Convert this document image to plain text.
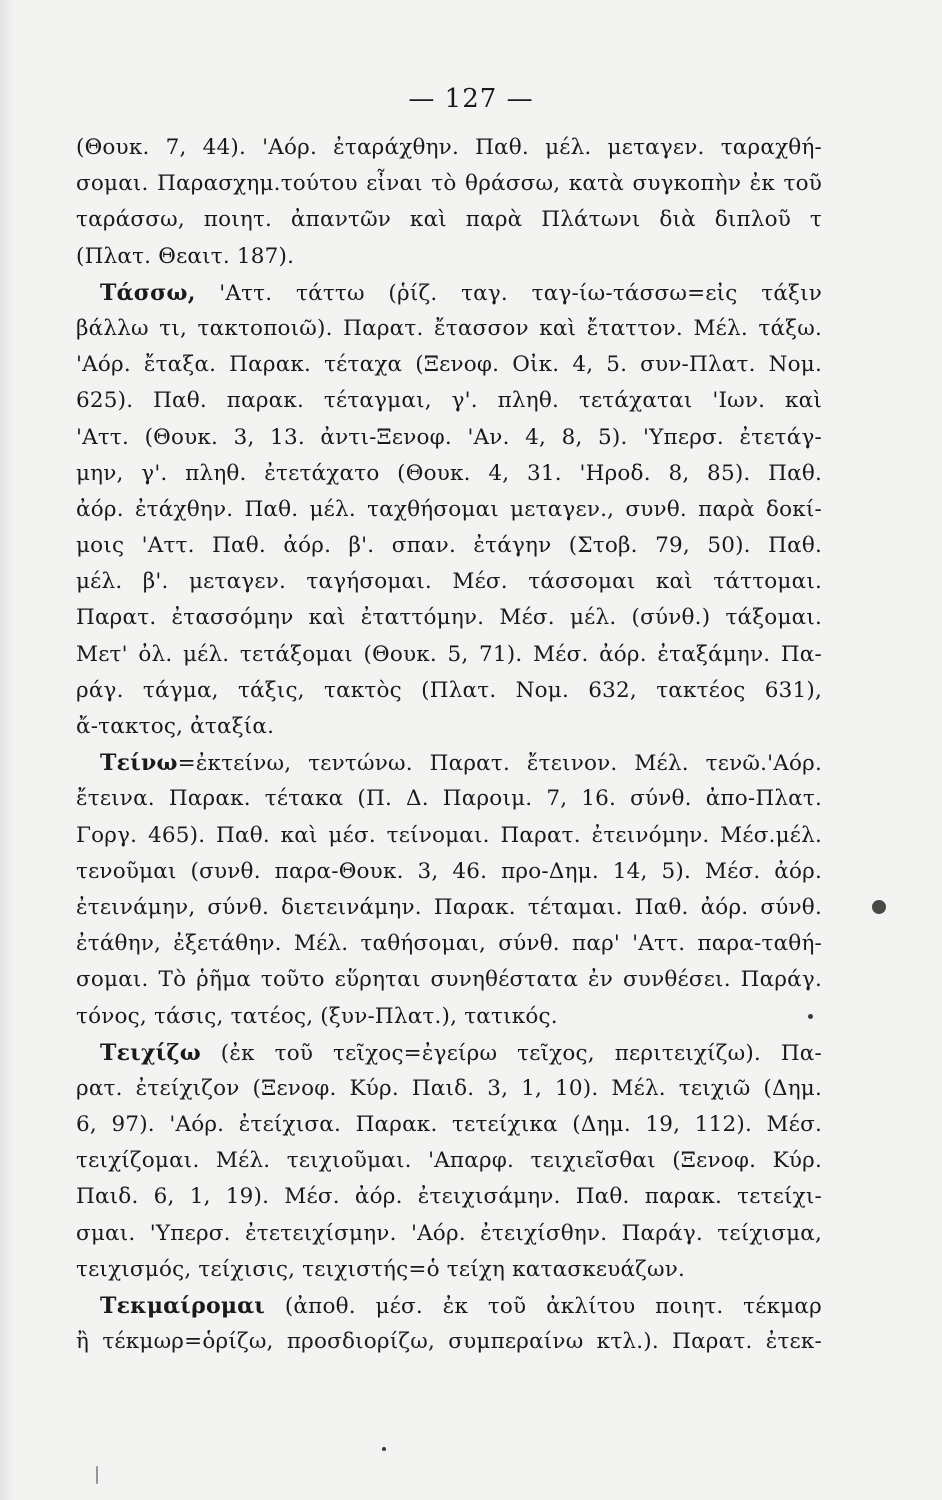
— 127 —
(Θουκ. 7, 44). 'Αόρ. ἐταράχθην. Παθ. μέλ. μεταγεν. ταραχθή-
σομαι. Παρασχημ.τούτου εἶναι τὸ θράσσω, κατὰ συγκοπὴν ἐκ τοῦ
ταράσσω, ποιητ. ἀπαντῶν καὶ παρὰ Πλάτωνι διὰ διπλοῦ τ
(Πλατ. Θεαιτ. 187).
Τάσσω, 'Αττ. τάττω (ῥίζ. ταγ. ταγ-ίω-τάσσω=εἰς τάξιν
βάλλω τι, τακτοποιῶ). Παρατ. ἔτασσον καὶ ἔταττον. Μέλ. τάξω.
'Αόρ. ἔταξα. Παρακ. τέταχα (Ξενοφ. Οἰκ. 4, 5. συν-Πλατ. Νομ.
625). Παθ. παρακ. τέταγμαι, γ'. πληθ. τετάχαται 'Ιων. καὶ
'Αττ. (Θουκ. 3, 13. ἀντι-Ξενοφ. 'Αν. 4, 8, 5). 'Υπερσ. ἐτετάγ-
μην, γ'. πληθ. ἐτετάχατο (Θουκ. 4, 31. 'Ηροδ. 8, 85). Παθ.
ἀόρ. ἐτάχθην. Παθ. μέλ. ταχθήσομαι μεταγεν., συνθ. παρὰ δοκί-
μοις 'Αττ. Παθ. ἀόρ. β'. σπαν. ἐτάγην (Στοβ. 79, 50). Παθ.
μέλ. β'. μεταγεν. ταγήσομαι. Μέσ. τάσσομαι καὶ τάττομαι.
Παρατ. ἐτασσόμην καὶ ἐταττόμην. Μέσ. μέλ. (σύνθ.) τάξομαι.
Μετ' ὀλ. μέλ. τετάξομαι (Θουκ. 5, 71). Μέσ. ἀόρ. ἐταξάμην. Πα-
ράγ. τάγμα, τάξις, τακτὸς (Πλατ. Νομ. 632, τακτέος 631),
ἄ-τακτος, ἀταξία.
Τείνω=ἐκτείνω, τεντώνω. Παρατ. ἔτεινον. Μέλ. τενῶ.'Αόρ.
ἔτεινα. Παρακ. τέτακα (Π. Δ. Παροιμ. 7, 16. σύνθ. ἀπο-Πλατ.
Γοργ. 465). Παθ. καὶ μέσ. τείνομαι. Παρατ. ἐτεινόμην. Μέσ.μέλ.
τενοῦμαι (συνθ. παρα-Θουκ. 3, 46. προ-Δημ. 14, 5). Μέσ. ἀόρ.
ἐτεινάμην, σύνθ. διετεινάμην. Παρακ. τέταμαι. Παθ. ἀόρ. σύνθ.
ἐτάθην, ἐξετάθην. Μέλ. ταθήσομαι, σύνθ. παρ' 'Αττ. παρα-ταθή-
σομαι. Τὸ ῥῆμα τοῦτο εὕρηται συνηθέστατα ἐν συνθέσει. Παράγ.
τόνος, τάσις, τατέος, (ξυν-Πλατ.), τατικός.
Τειχίζω (ἐκ τοῦ τεῖχος=ἐγείρω τεῖχος, περιτειχίζω). Πα-
ρατ. ἐτείχιζον (Ξενοφ. Κύρ. Παιδ. 3, 1, 10). Μέλ. τειχιῶ (Δημ.
6, 97). 'Αόρ. ἐτείχισα. Παρακ. τετείχικα (Δημ. 19, 112). Μέσ.
τειχίζομαι. Μέλ. τειχιοῦμαι. 'Απαρφ. τειχιεῖσθαι (Ξενοφ. Κύρ.
Παιδ. 6, 1, 19). Μέσ. ἀόρ. ἐτειχισάμην. Παθ. παρακ. τετείχι-
σμαι. 'Υπερσ. ἐτετειχίσμην. 'Αόρ. ἐτειχίσθην. Παράγ. τείχισμα,
τειχισμός, τείχισις, τειχιστής=ὁ τείχη κατασκευάζων.
Τεκμαίρομαι (ἀποθ. μέσ. ἐκ τοῦ ἀκλίτου ποιητ. τέκμαρ
ἢ τέκμωρ=ὁρίζω, προσδιορίζω, συμπεραίνω κτλ.). Παρατ. ἐτεκ-
